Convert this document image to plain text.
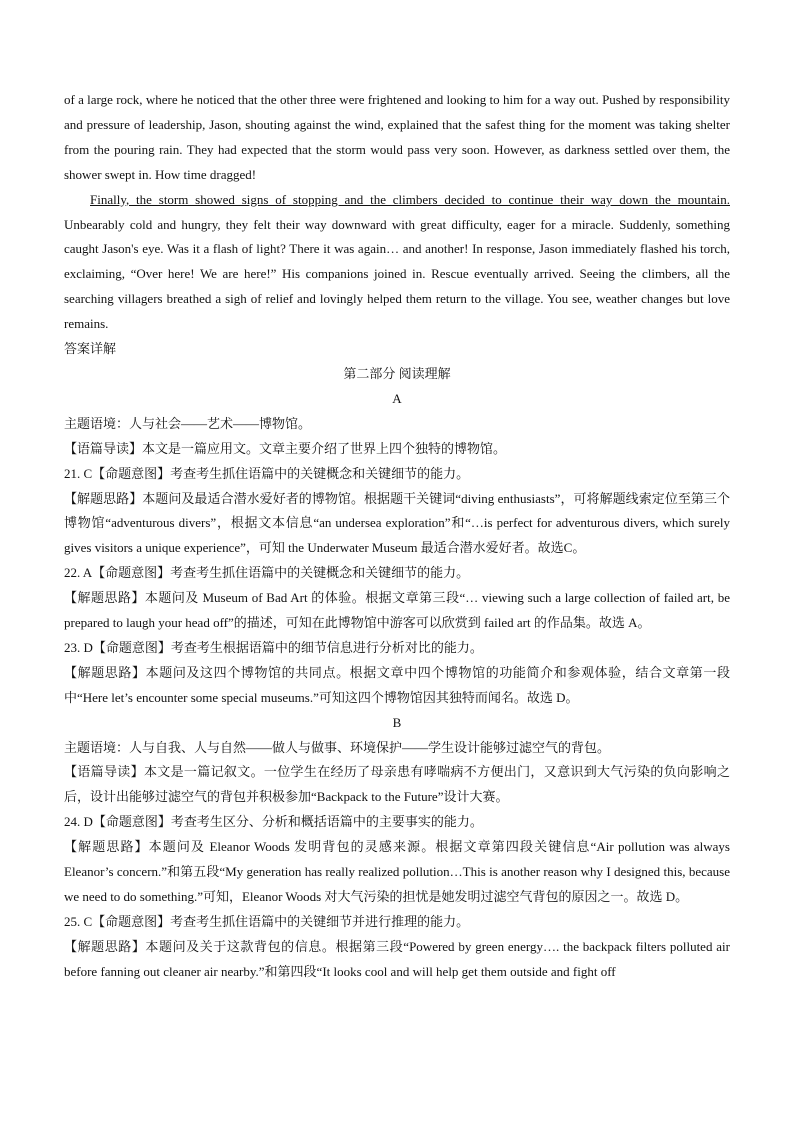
of a large rock, where he noticed that the other three were frightened and looking to him for a way out. Pushed by responsibility and pressure of leadership, Jason, shouting against the wind, explained that the safest thing for the moment was taking shelter from the pouring rain. They had expected that the storm would pass very soon. However, as darkness settled over them, the shower swept in. How time dragged!

Finally, the storm showed signs of stopping and the climbers decided to continue their way down the mountain. Unbearably cold and hungry, they felt their way downward with great difficulty, eager for a miracle. Suddenly, something caught Jason's eye. Was it a flash of light? There it was again… and another! In response, Jason immediately flashed his torch, exclaiming, “Over here! We are here!” His companions joined in. Rescue eventually arrived. Seeing the climbers, all the searching villagers breathed a sigh of relief and lovingly helped them return to the village. You see, weather changes but love remains.

答案详解

第二部分 阅读理解

A

主题语境：人与社会——艺术——博物馆。

【语篇导读】本文是一篇应用文。文章主要介绍了世界上四个独特的博物馆。

21. C【命题意图】考查考生抓住语篇中的关键概念和关键细节的能力。

【解题思路】本题问及最适合潜水爱好者的博物馆。根据题干关键词“diving enthusiasts”，可将解题线索定位至第三个博物馆“adventurous divers”，根据文本信息“an undersea exploration”和“…is perfect for adventurous divers, which surely gives visitors a unique experience”，可知 the Underwater Museum 最适合潜水爱好者。故选C。

22. A【命题意图】考查考生抓住语篇中的关键概念和关键细节的能力。

【解题思路】本题问及 Museum of Bad Art 的体验。根据文章第三段“… viewing such a large collection of failed art, be prepared to laugh your head off”的描述，可知在此博物馆中游客可以欣赏到 failed art 的作品集。故选 A。

23. D【命题意图】考查考生根据语篇中的细节信息进行分析对比的能力。

【解题思路】本题问及这四个博物馆的共同点。根据文章中四个博物馆的功能简介和参观体验，结合文章第一段中“Here let’s encounter some special museums.”可知这四个博物馆因其独特而闻名。故选 D。

B

主题语境：人与自我、人与自然——做人与做事、环境保护——学生设计能够过滤空气的背包。

【语篇导读】本文是一篇记叙文。一位学生在经历了母亲患有哮喘病不方便出门，又意识到大气污染的负向影响之后，设计出能够过滤空气的背包并积极参加“Backpack to the Future”设计大赛。

24. D【命题意图】考查考生区分、分析和概括语篇中的主要事实的能力。

【解题思路】本题问及 Eleanor Woods 发明背包的灵感来源。根据文章第四段关键信息“Air pollution was always Eleanor’s concern.”和第五段“My generation has really realized pollution…This is another reason why I designed this, because we need to do something.”可知，Eleanor Woods 对大气污染的担忧是她发明过滤空气背包的原因之一。故选 D。

25. C【命题意图】考查考生抓住语篇中的关键细节并进行推理的能力。

【解题思路】本题问及关于这款背包的信息。根据第三段“Powered by green energy…. the backpack filters polluted air before fanning out cleaner air nearby.”和第四段“It looks cool and will help get them outside and fight off
